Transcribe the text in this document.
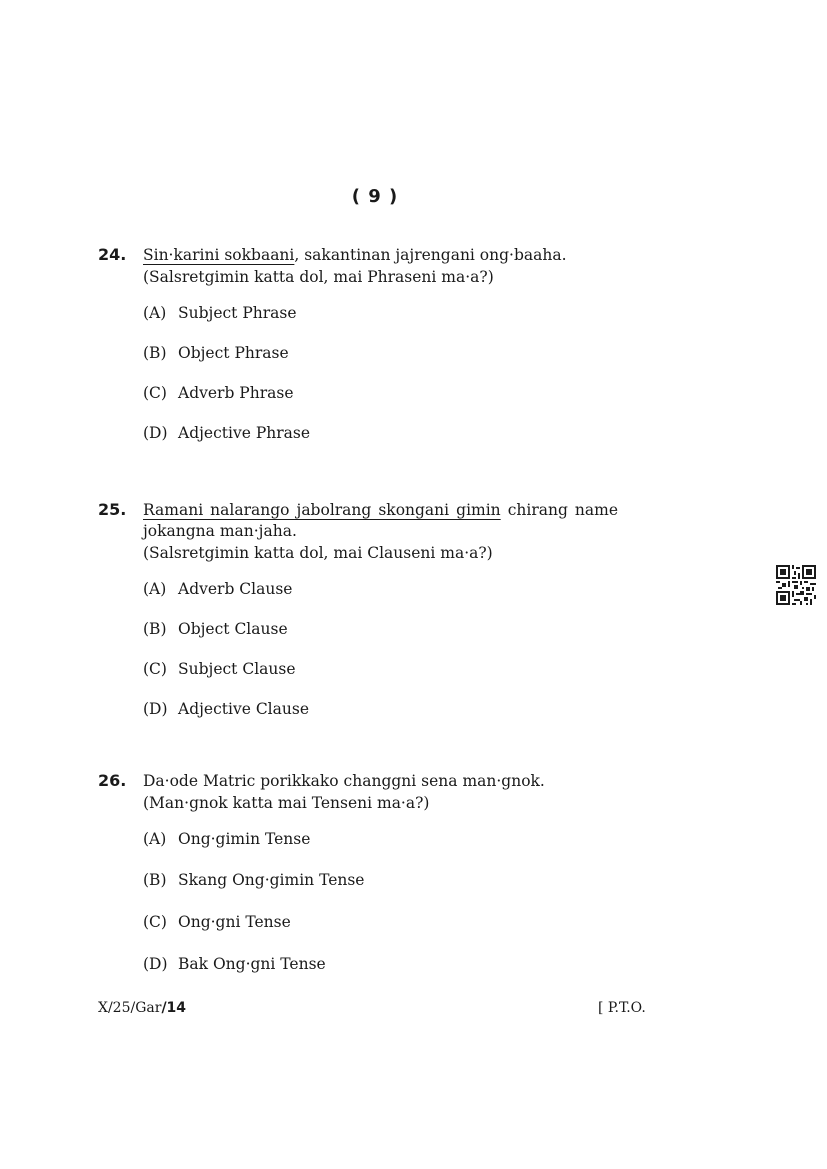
( 9 )
24. Sin·karini sokbaani, sakantinan jajrengani ong·baaha.
(Salsretgimin katta dol, mai Phraseni ma·a?)
(A) Subject Phrase
(B) Object Phrase
(C) Adverb Phrase
(D) Adjective Phrase
25. Ramani nalarango jabolrang skongani gimin chirang name jokangna man·jaha.
(Salsretgimin katta dol, mai Clauseni ma·a?)
(A) Adverb Clause
(B) Object Clause
(C) Subject Clause
(D) Adjective Clause
26. Da·ode Matric porikkako changgni sena man·gnok.
(Man·gnok katta mai Tenseni ma·a?)
(A) Ong·gimin Tense
(B) Skang Ong·gimin Tense
(C) Ong·gni Tense
(D) Bak Ong·gni Tense
X/25/Gar/14	[ P.T.O.
